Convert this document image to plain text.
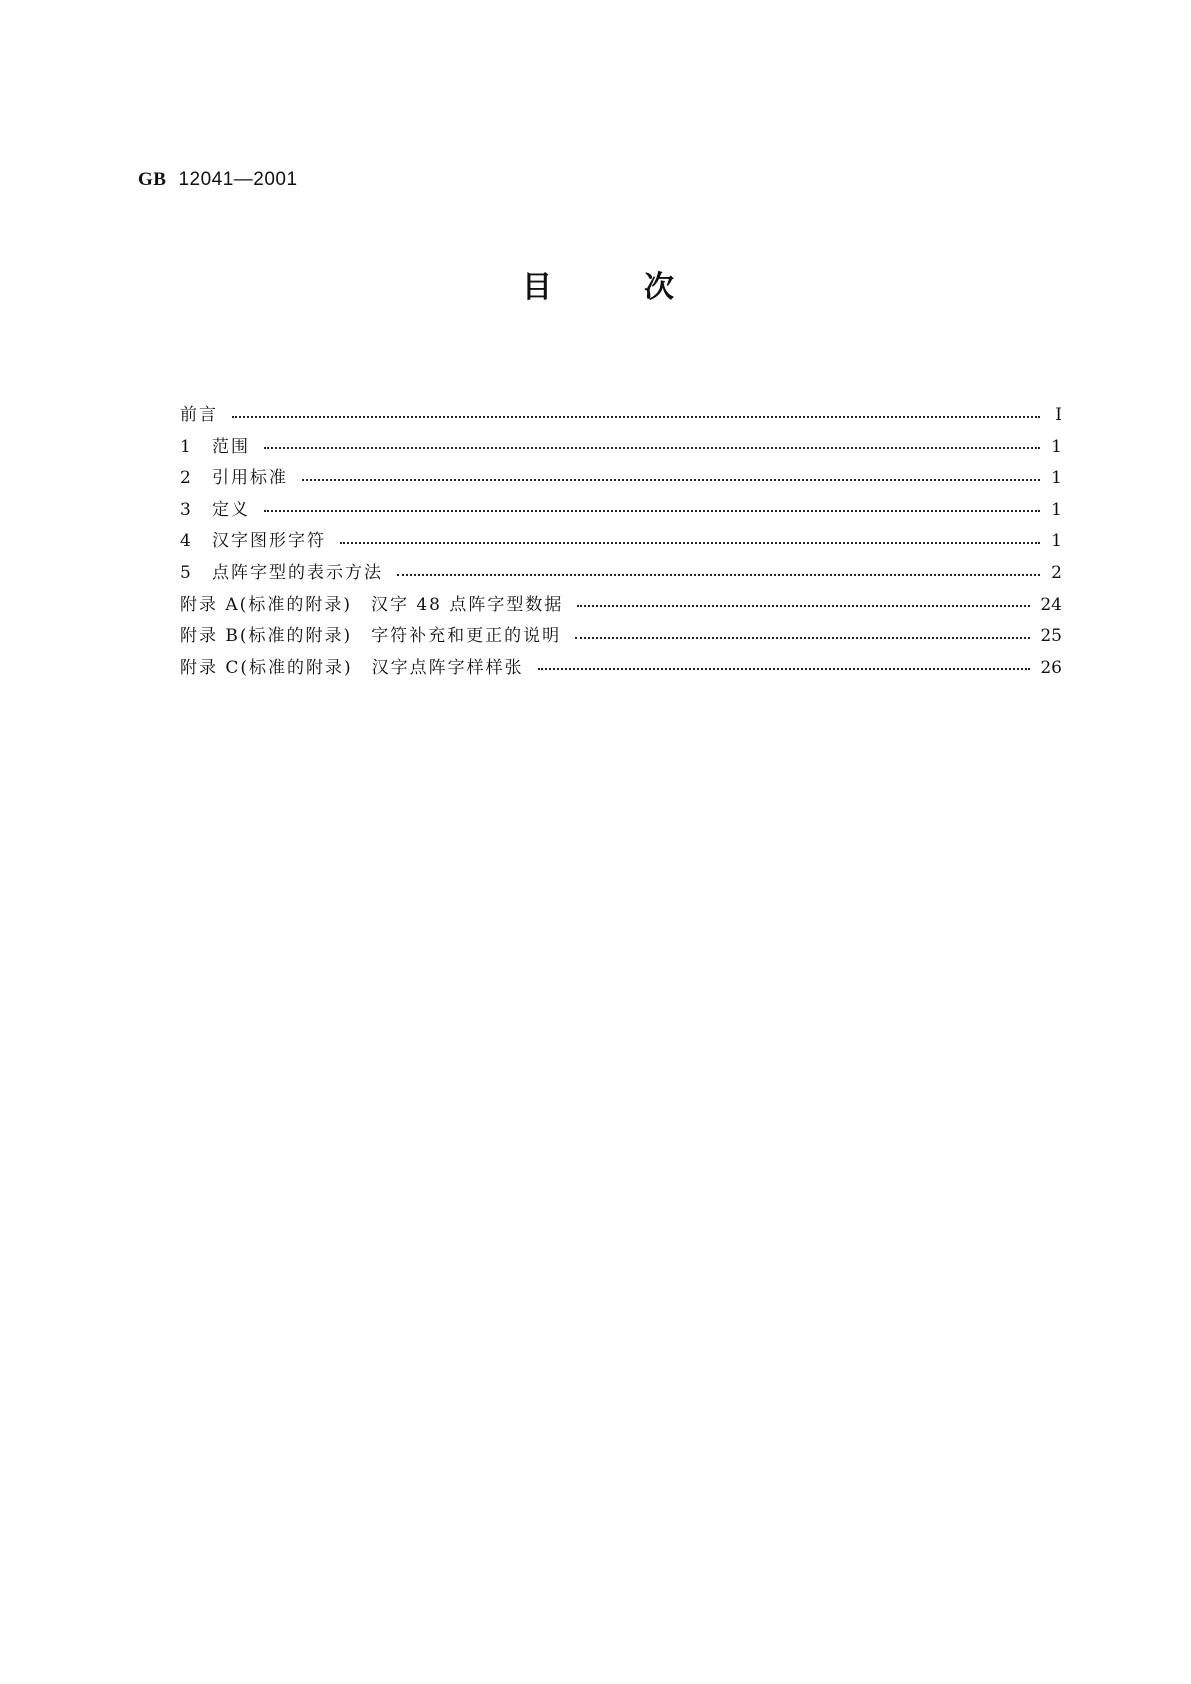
GB 12041—2001
目次
前言	I
1	范围	1
2	引用标准	1
3	定义	1
4	汉字图形字符	1
5	点阵字型的表示方法	2
附录 A(标准的附录)　汉字 48 点阵字型数据	24
附录 B(标准的附录)　字符补充和更正的说明	25
附录 C(标准的附录)　汉字点阵字样样张	26
